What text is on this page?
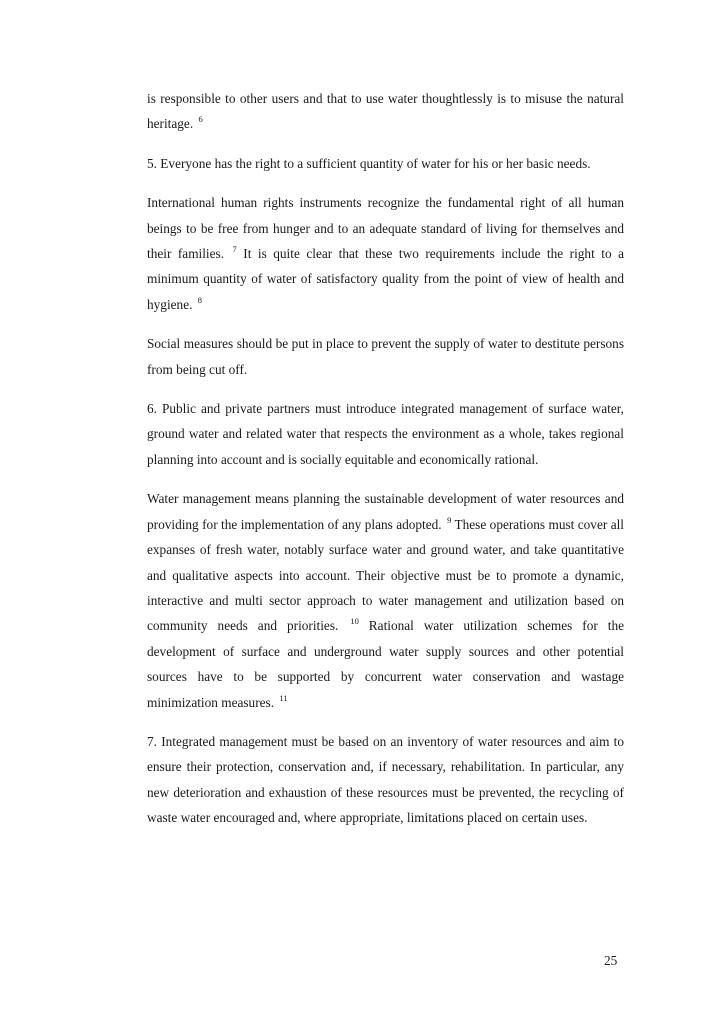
is responsible to other users and that to use water thoughtlessly is to misuse the natural heritage. $^6$

5. Everyone has the right to a sufficient quantity of water for his or her basic needs.

International human rights instruments recognize the fundamental right of all human beings to be free from hunger and to an adequate standard of living for themselves and their families. $^7$ It is quite clear that these two requirements include the right to a minimum quantity of water of satisfactory quality from the point of view of health and hygiene. $^8$

Social measures should be put in place to prevent the supply of water to destitute persons from being cut off.

6. Public and private partners must introduce integrated management of surface water, ground water and related water that respects the environment as a whole, takes regional planning into account and is socially equitable and economically rational.

Water management means planning the sustainable development of water resources and providing for the implementation of any plans adopted. $^9$ These operations must cover all expanses of fresh water, notably surface water and ground water, and take quantitative and qualitative aspects into account. Their objective must be to promote a dynamic, interactive and multi sector approach to water management and utilization based on community needs and priorities. $^{10}$ Rational water utilization schemes for the development of surface and underground water supply sources and other potential sources have to be supported by concurrent water conservation and wastage minimization measures. $^{11}$

7. Integrated management must be based on an inventory of water resources and aim to ensure their protection, conservation and, if necessary, rehabilitation. In particular, any new deterioration and exhaustion of these resources must be prevented, the recycling of waste water encouraged and, where appropriate, limitations placed on certain uses.

25
